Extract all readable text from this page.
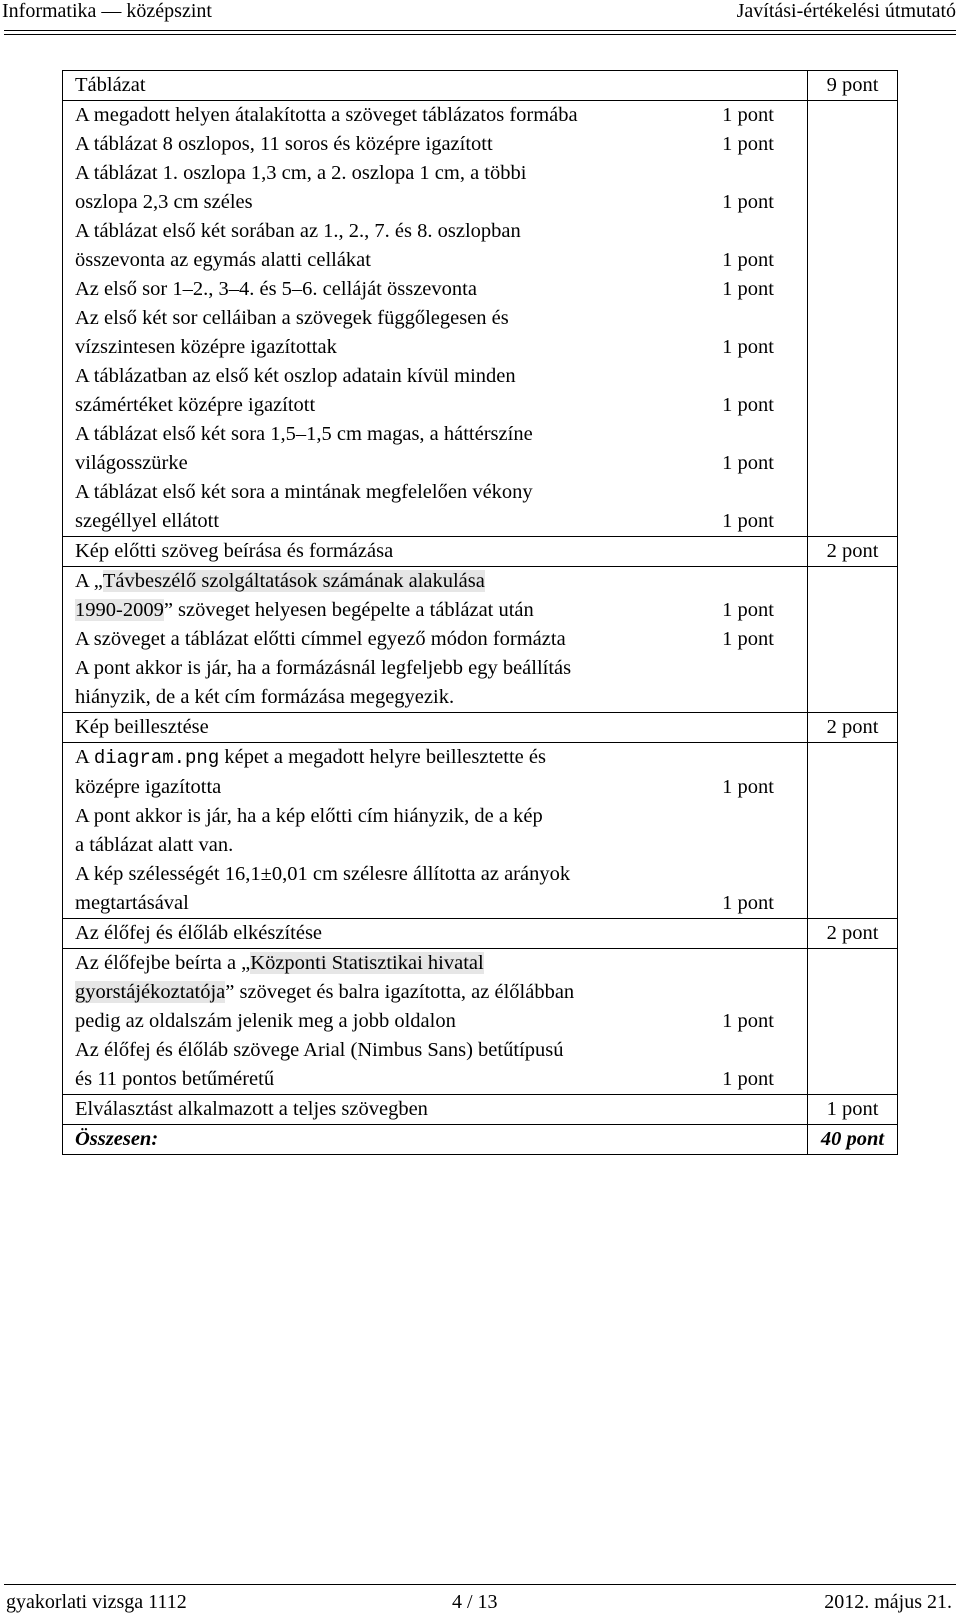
Informatika — középszint	Javítási-értékelési útmutató
Táblázat		9 pont
A megadott helyen átalakította a szöveget táblázatos formába	1 pont	
A táblázat 8 oszlopos, 11 soros és középre igazított	1 pont	
A táblázat 1. oszlopa 1,3 cm, a 2. oszlopa 1 cm, a többi
oszlopa 2,3 cm széles	1 pont	
A táblázat első két sorában az 1., 2., 7. és 8. oszlopban
összevonta az egymás alatti cellákat	1 pont	
Az első sor 1–2., 3–4. és 5–6. celláját összevonta	1 pont	
Az első két sor celláiban a szövegek függőlegesen és
vízszintesen középre igazítottak	1 pont	
A táblázatban az első két oszlop adatain kívül minden
számértéket középre igazított	1 pont	
A táblázat első két sora 1,5–1,5 cm magas, a háttérszíne
világosszürke	1 pont	
A táblázat első két sora a mintának megfelelően vékony
szegéllyel ellátott	1 pont	
Kép előtti szöveg beírása és formázása		2 pont
A „Távbeszélő szolgáltatások számának alakulása
1990-2009” szöveget helyesen begépelte a táblázat után	1 pont	
A szöveget a táblázat előtti címmel egyező módon formázta	1 pont	
A pont akkor is jár, ha a formázásnál legfeljebb egy beállítás
hiányzik, de a két cím formázása megegyezik.		
Kép beillesztése		2 pont
A diagram.png képet a megadott helyre beillesztette és
középre igazította	1 pont	
A pont akkor is jár, ha a kép előtti cím hiányzik, de a kép
a táblázat alatt van.		
A kép szélességét 16,1±0,01 cm szélesre állította az arányok
megtartásával	1 pont	
Az élőfej és élőláb elkészítése		2 pont
Az élőfejbe beírta a „Központi Statisztikai hivatal
gyorstájékoztatója” szöveget és balra igazította, az élőlábban
pedig az oldalszám jelenik meg a jobb oldalon	1 pont	
Az élőfej és élőláb szövege Arial (Nimbus Sans) betűtípusú
és 11 pontos betűméretű	1 pont	
Elválasztást alkalmazott a teljes szövegben		1 pont
Összesen:		40 pont
gyakorlati vizsga 1112	4 / 13	2012. május 21.
